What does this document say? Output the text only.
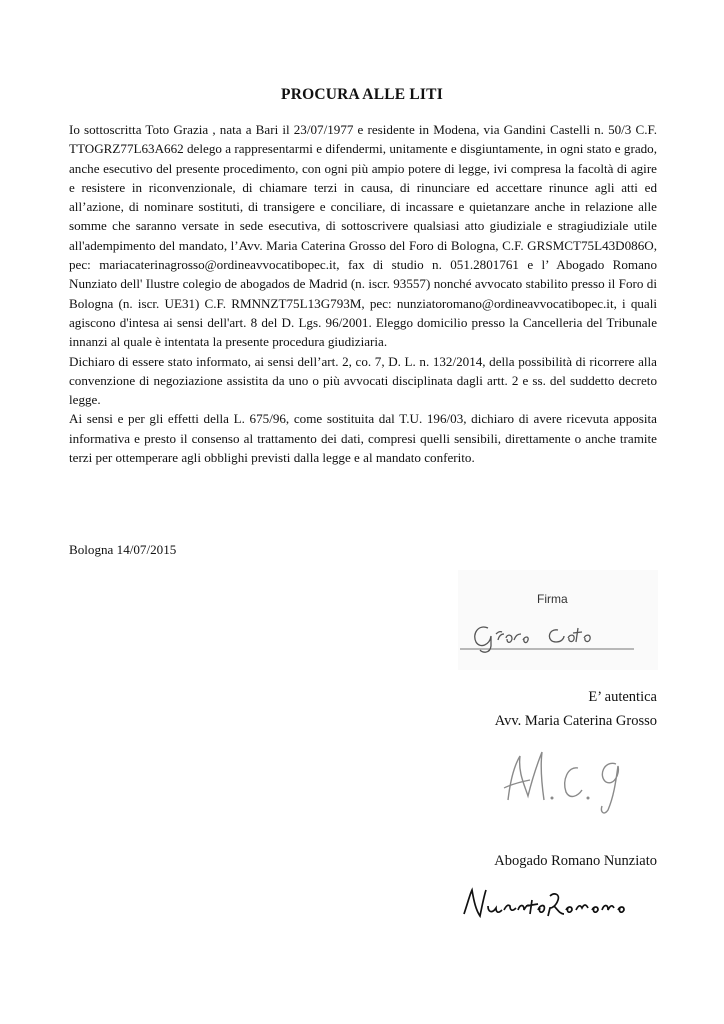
PROCURA ALLE LITI

Io sottoscritta Toto Grazia , nata a Bari il 23/07/1977 e residente in Modena, via Gandini Castelli n. 50/3 C.F. TTOGRZ77L63A662 delego a rappresentarmi e difendermi, unitamente e disgiuntamente, in ogni stato e grado, anche esecutivo del presente procedimento, con ogni più ampio potere di legge, ivi compresa la facoltà di agire e resistere in riconvenzionale, di chiamare terzi in causa, di rinunciare ed accettare rinunce agli atti ed all’azione, di nominare sostituti, di transigere e conciliare, di incassare e quietanzare anche in relazione alle somme che saranno versate in sede esecutiva, di sottoscrivere qualsiasi atto giudiziale e stragiudiziale utile all'adempimento del mandato, l’Avv. Maria Caterina Grosso del Foro di Bologna, C.F. GRSMCT75L43D086O, pec: mariacaterinagrosso@ordineavvocatibopec.it, fax di studio n. 051.2801761 e l’ Abogado Romano Nunziato dell' Ilustre colegio de abogados de Madrid (n. iscr. 93557) nonché avvocato stabilito presso il Foro di Bologna (n. iscr. UE31) C.F. RMNNZT75L13G793M, pec: nunziatoromano@ordineavvocatibopec.it, i quali agiscono d'intesa ai sensi dell'art. 8 del D. Lgs. 96/2001. Eleggo domicilio presso la Cancelleria del Tribunale innanzi al quale è intentata la presente procedura giudiziaria.

Dichiaro di essere stato informato, ai sensi dell’art. 2, co. 7, D. L. n. 132/2014, della possibilità di ricorrere alla convenzione di negoziazione assistita da uno o più avvocati disciplinata dagli artt. 2 e ss. del suddetto decreto legge.

Ai sensi e per gli effetti della L. 675/96, come sostituita dal T.U. 196/03, dichiaro di avere ricevuta apposita informativa e presto il consenso al trattamento dei dati, compresi quelli sensibili, direttamente o anche tramite terzi per ottemperare agli obblighi previsti dalla legge e al mandato conferito.

Bologna 14/07/2015
Firma
E’ autentica
Avv. Maria Caterina Grosso
Abogado Romano Nunziato
